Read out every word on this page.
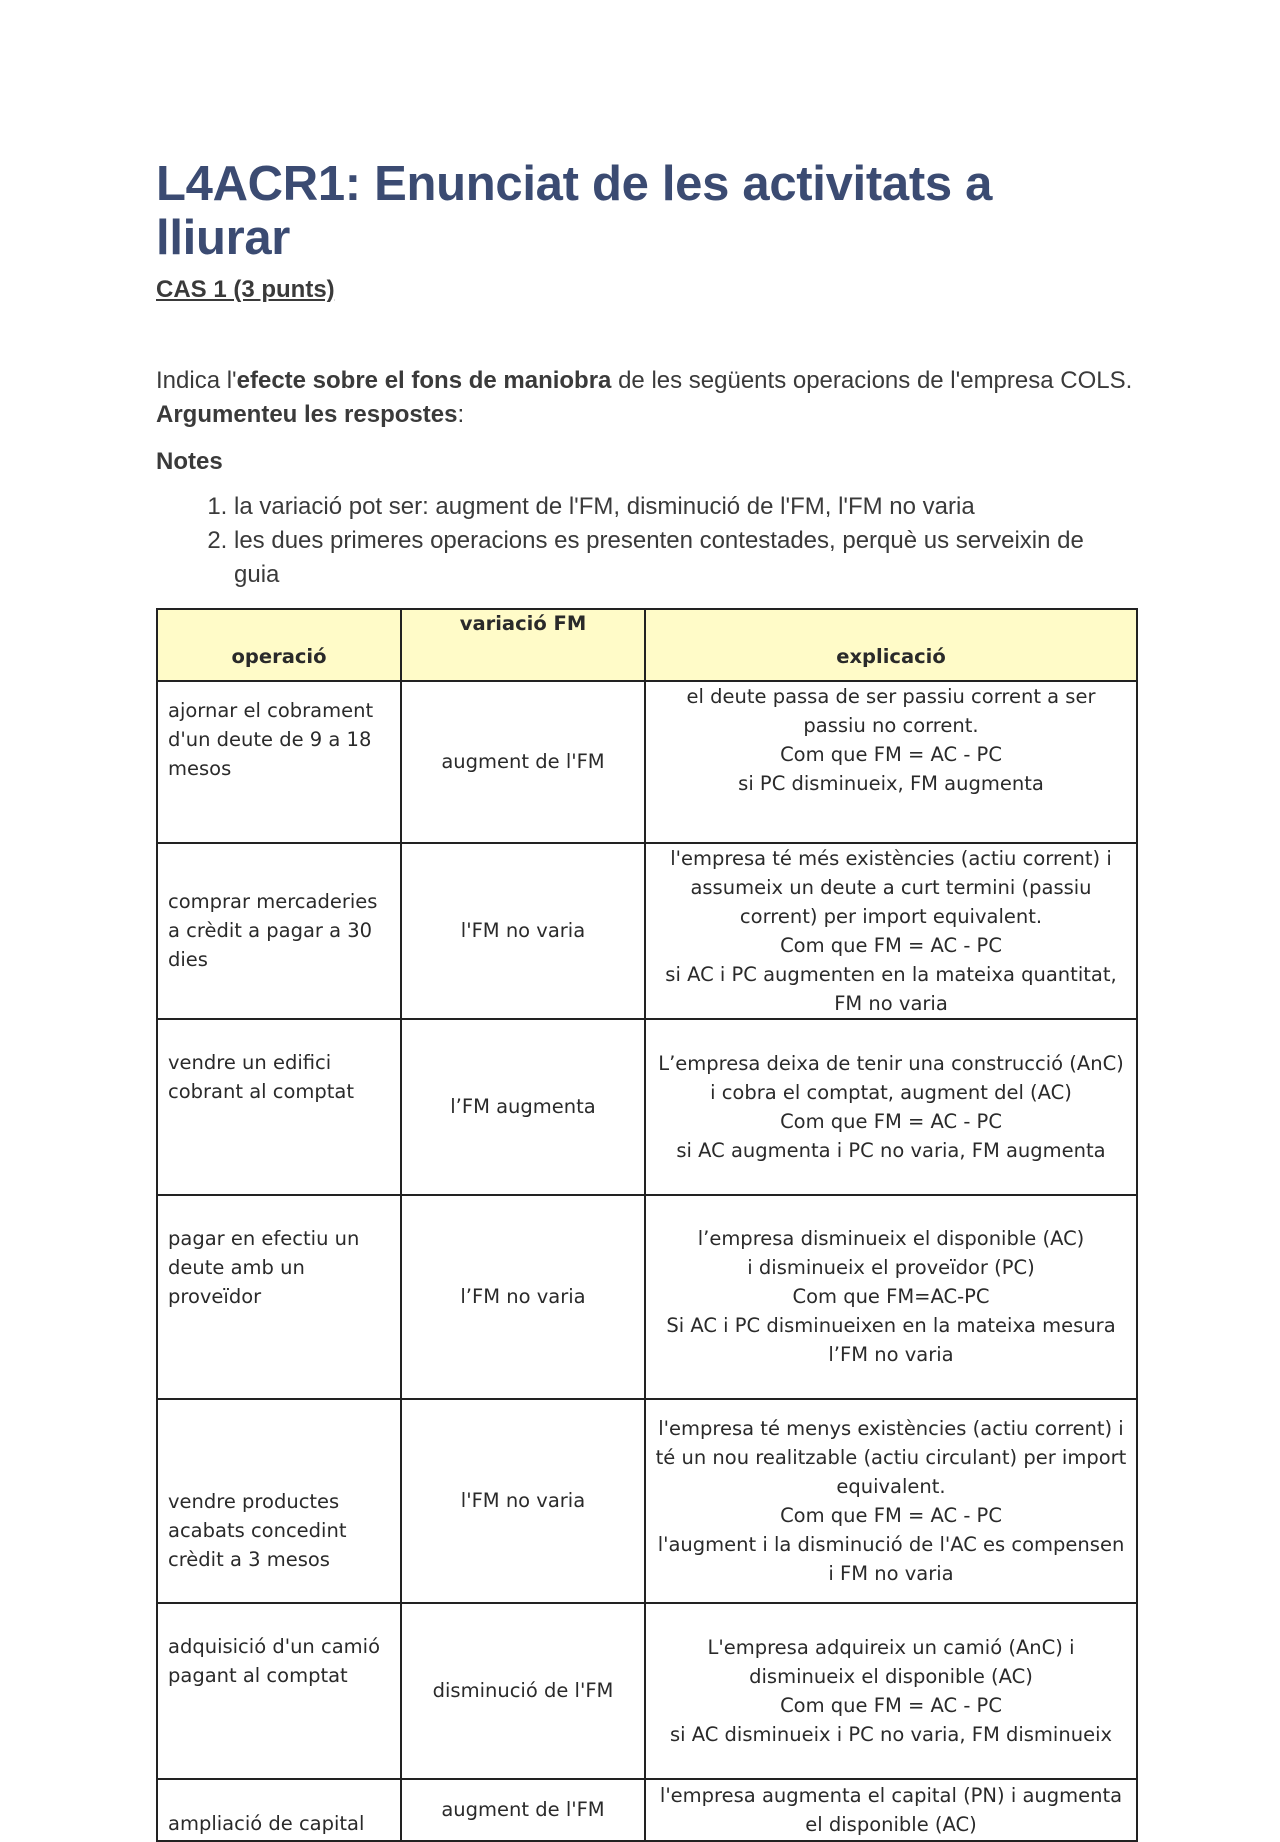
L4ACR1: Enunciat de les activitats a lliurar

CAS 1 (3 punts)

Indica l'efecte sobre el fons de maniobra de les següents operacions de l'empresa COLS. Argumenteu les respostes:

Notes

1. la variació pot ser: augment de l'FM, disminució de l'FM, l'FM no varia
2. les dues primeres operacions es presenten contestades, perquè us serveixin de guia
operació	variació FM	explicació
ajornar el cobrament d'un deute de 9 a 18 mesos	augment de l'FM	el deute passa de ser passiu corrent a ser passiu no corrent.
Com que FM = AC - PC
si PC disminueix, FM augmenta
comprar mercaderies a crèdit a pagar a 30 dies	l'FM no varia	l'empresa té més existències (actiu corrent) i assumeix un deute a curt termini (passiu corrent) per import equivalent.
Com que FM = AC - PC
si AC i PC augmenten en la mateixa quantitat, FM no varia
vendre un edifici cobrant al comptat	l’FM augmenta	L’empresa deixa de tenir una construcció (AnC)
i cobra el comptat, augment del (AC)
Com que FM = AC - PC
si AC augmenta i PC no varia, FM augmenta
pagar en efectiu un deute amb un proveïdor	l’FM no varia	l’empresa disminueix el disponible (AC)
i disminueix el proveïdor (PC)
Com que FM=AC-PC
Si AC i PC disminueixen en la mateixa mesura l’FM no varia
vendre productes acabats concedint crèdit a 3 mesos	l'FM no varia	l'empresa té menys existències (actiu corrent) i té un nou realitzable (actiu circulant) per import equivalent.
Com que FM = AC - PC
l'augment i la disminució de l'AC es compensen i FM no varia
adquisició d'un camió pagant al comptat	disminució de l'FM	L'empresa adquireix un camió (AnC) i disminueix el disponible (AC)
Com que FM = AC - PC
si AC disminueix i PC no varia, FM disminueix
ampliació de capital	augment de l'FM	l'empresa augmenta el capital (PN) i augmenta el disponible (AC)
